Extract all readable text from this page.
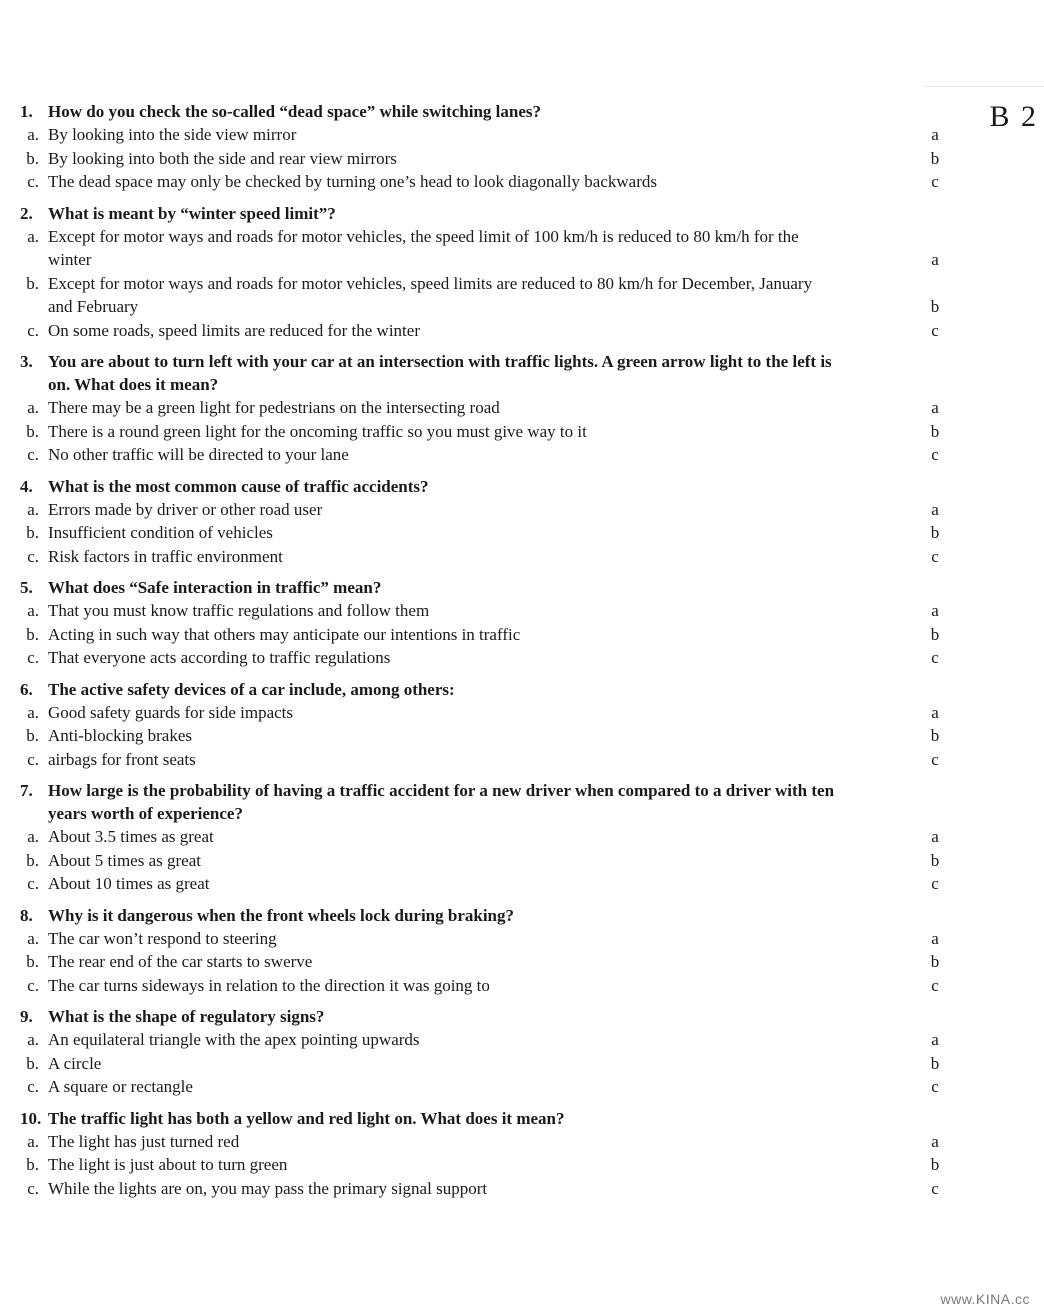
B 2
1. How do you check the so-called “dead space” while switching lanes?
a. By looking into the side view mirror	a
b. By looking into both the side and rear view mirrors	b
c. The dead space may only be checked by turning one’s head to look diagonally backwards	c
2. What is meant by “winter speed limit”?
a. Except for motor ways and roads for motor vehicles, the speed limit of 100 km/h is reduced to 80 km/h for the winter	a
b. Except for motor ways and roads for motor vehicles, speed limits are reduced to 80 km/h for December, January and February	b
c. On some roads, speed limits are reduced for the winter	c
3. You are about to turn left with your car at an intersection with traffic lights. A green arrow light to the left is on. What does it mean?
a. There may be a green light for pedestrians on the intersecting road	a
b. There is a round green light for the oncoming traffic so you must give way to it	b
c. No other traffic will be directed to your lane	c
4. What is the most common cause of traffic accidents?
a. Errors made by driver or other road user	a
b. Insufficient condition of vehicles	b
c. Risk factors in traffic environment	c
5. What does “Safe interaction in traffic” mean?
a. That you must know traffic regulations and follow them	a
b. Acting in such way that others may anticipate our intentions in traffic	b
c. That everyone acts according to traffic regulations	c
6. The active safety devices of a car include, among others:
a. Good safety guards for side impacts	a
b. Anti-blocking brakes	b
c. airbags for front seats	c
7. How large is the probability of having a traffic accident for a new driver when compared to a driver with ten years worth of experience?
a. About 3.5 times as great	a
b. About 5 times as great	b
c. About 10 times as great	c
8. Why is it dangerous when the front wheels lock during braking?
a. The car won’t respond to steering	a
b. The rear end of the car starts to swerve	b
c. The car turns sideways in relation to the direction it was going to	c
9. What is the shape of regulatory signs?
a. An equilateral triangle with the apex pointing upwards	a
b. A circle	b
c. A square or rectangle	c
10. The traffic light has both a yellow and red light on. What does it mean?
a. The light has just turned red	a
b. The light is just about to turn green	b
c. While the lights are on, you may pass the primary signal support	c
www.KINA.cc
